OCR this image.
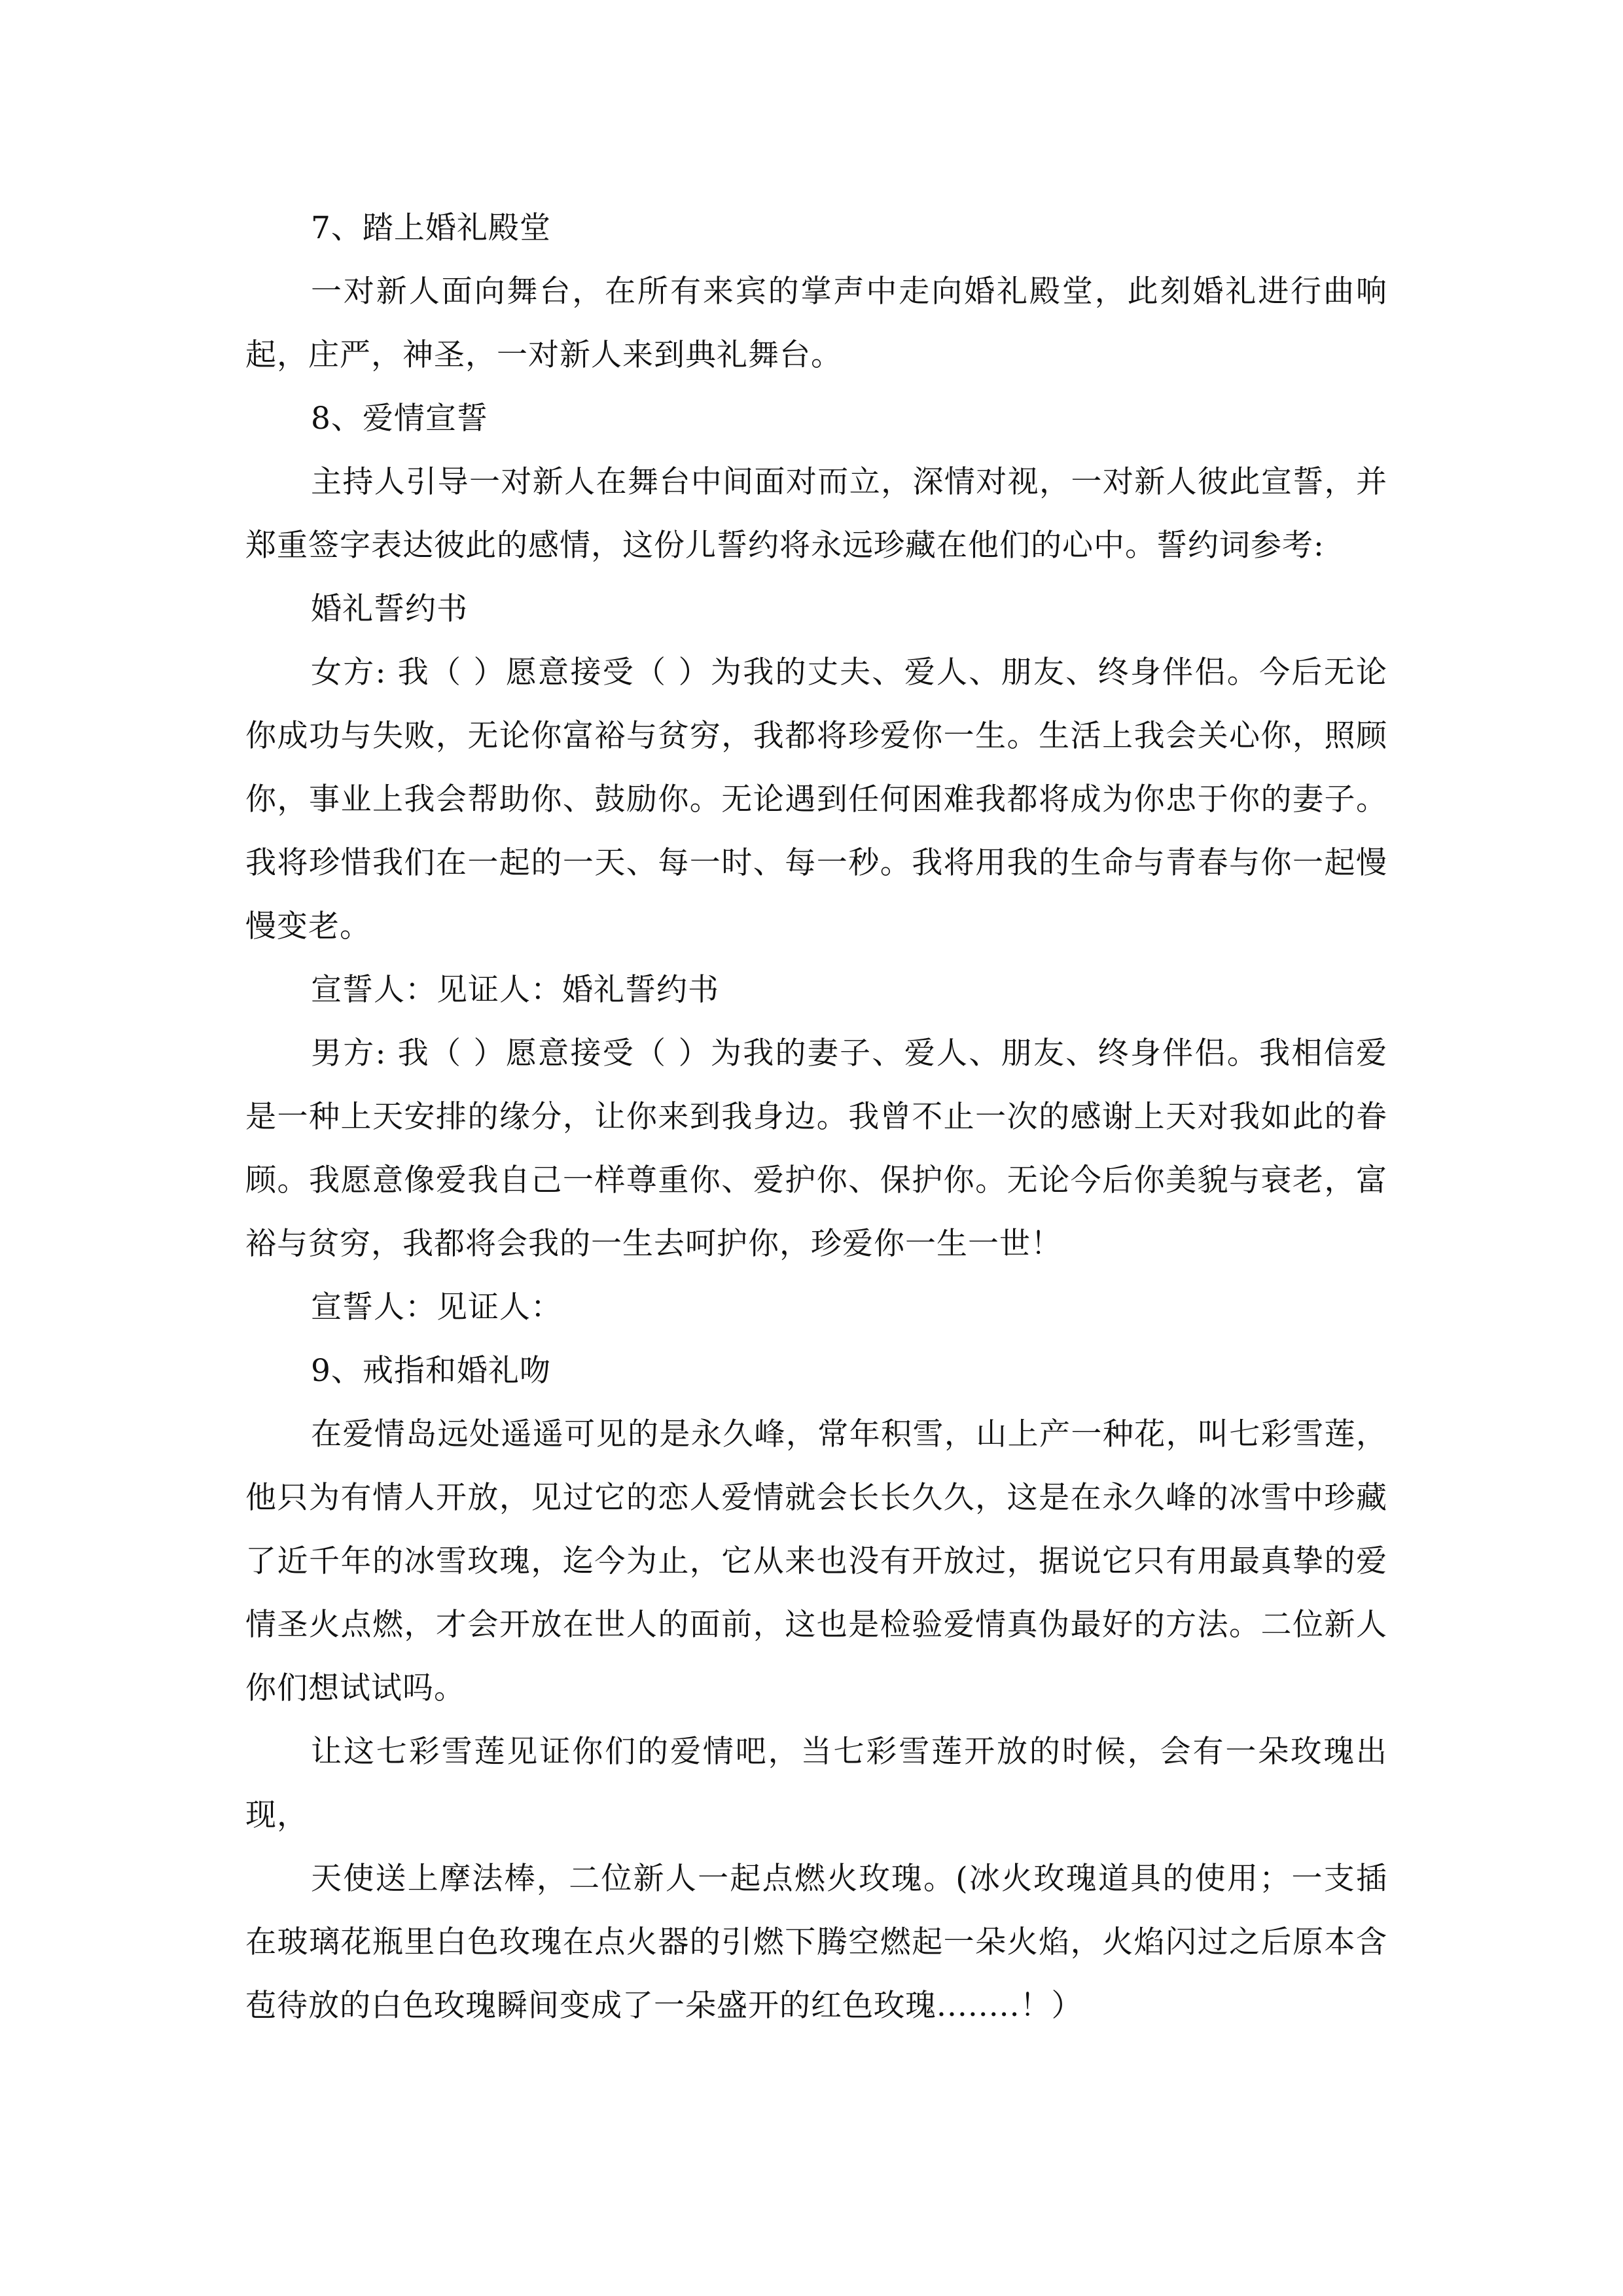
7、踏上婚礼殿堂

一对新人面向舞台，在所有来宾的掌声中走向婚礼殿堂，此刻婚礼进行曲响起，庄严，神圣，一对新人来到典礼舞台。

8、爱情宣誓

主持人引导一对新人在舞台中间面对而立，深情对视，一对新人彼此宣誓，并郑重签字表达彼此的感情，这份儿誓约将永远珍藏在他们的心中。誓约词参考:

婚礼誓约书

女方: 我（ ）愿意接受（ ）为我的丈夫、爱人、朋友、终身伴侣。今后无论你成功与失败，无论你富裕与贫穷，我都将珍爱你一生。生活上我会关心你，照顾你，事业上我会帮助你、鼓励你。无论遇到任何困难我都将成为你忠于你的妻子。我将珍惜我们在一起的一天、每一时、每一秒。我将用我的生命与青春与你一起慢慢变老。

宣誓人：见证人：婚礼誓约书

男方: 我（ ）愿意接受（ ）为我的妻子、爱人、朋友、终身伴侣。我相信爱是一种上天安排的缘分，让你来到我身边。我曾不止一次的感谢上天对我如此的眷顾。我愿意像爱我自己一样尊重你、爱护你、保护你。无论今后你美貌与衰老，富裕与贫穷，我都将会我的一生去呵护你，珍爱你一生一世！

宣誓人：见证人：

9、戒指和婚礼吻

在爱情岛远处遥遥可见的是永久峰，常年积雪，山上产一种花，叫七彩雪莲，他只为有情人开放，见过它的恋人爱情就会长长久久，这是在永久峰的冰雪中珍藏了近千年的冰雪玫瑰，迄今为止，它从来也没有开放过，据说它只有用最真挚的爱情圣火点燃，才会开放在世人的面前，这也是检验爱情真伪最好的方法。二位新人你们想试试吗。

让这七彩雪莲见证你们的爱情吧，当七彩雪莲开放的时候，会有一朵玫瑰出现，

天使送上摩法棒，二位新人一起点燃火玫瑰。(冰火玫瑰道具的使用；一支插在玻璃花瓶里白色玫瑰在点火器的引燃下腾空燃起一朵火焰，火焰闪过之后原本含苞待放的白色玫瑰瞬间变成了一朵盛开的红色玫瑰........！）
